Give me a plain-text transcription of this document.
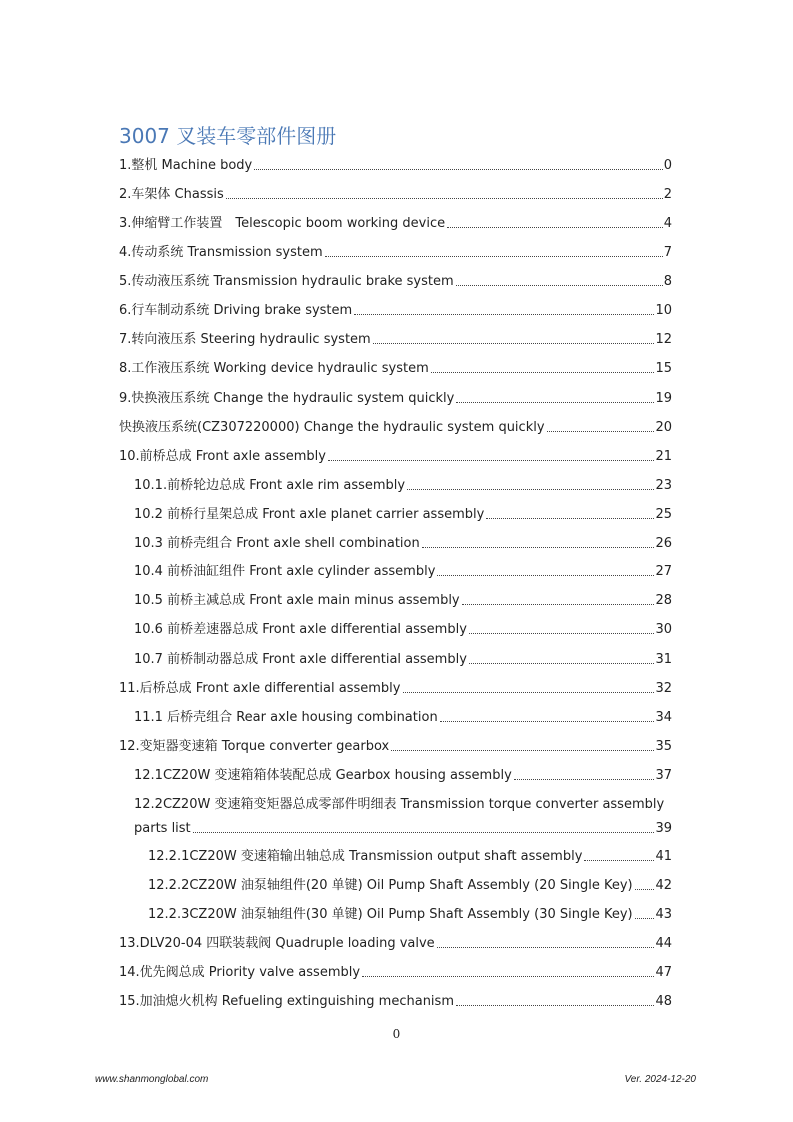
3007 叉装车零部件图册
1.整机 Machine body	0
2.车架体 Chassis	2
3.伸缩臂工作装置　Telescopic boom working device	4
4.传动系统 Transmission system	7
5.传动液压系统 Transmission hydraulic brake system	8
6.行车制动系统 Driving brake system	10
7.转向液压系 Steering hydraulic system	12
8.工作液压系统 Working device hydraulic system	15
9.快换液压系统 Change the hydraulic system quickly	19
快换液压系统(CZ307220000) Change the hydraulic system quickly	20
10.前桥总成 Front axle assembly	21
10.1.前桥轮边总成 Front axle rim assembly	23
10.2 前桥行星架总成 Front axle planet carrier assembly	25
10.3 前桥壳组合 Front axle shell combination	26
10.4 前桥油缸组件 Front axle cylinder assembly	27
10.5 前桥主减总成 Front axle main minus assembly	28
10.6 前桥差速器总成 Front axle differential assembly	30
10.7 前桥制动器总成 Front axle differential assembly	31
11.后桥总成 Front axle differential assembly	32
11.1 后桥壳组合 Rear axle housing combination	34
12.变矩器变速箱 Torque converter gearbox	35
12.1CZ20W 变速箱箱体装配总成 Gearbox housing assembly	37
12.2CZ20W 变速箱变矩器总成零部件明细表 Transmission torque converter assembly
parts list	39
12.2.1CZ20W 变速箱输出轴总成 Transmission output shaft assembly	41
12.2.2CZ20W 油泵轴组件(20 单键) Oil Pump Shaft Assembly (20 Single Key) 42
12.2.3CZ20W 油泵轴组件(30 单键) Oil Pump Shaft Assembly (30 Single Key) 43
13.DLV20-04 四联装载阀 Quadruple loading valve	44
14.优先阀总成 Priority valve assembly	47
15.加油熄火机构 Refueling extinguishing mechanism	48
0
www.shanmonglobal.com	Ver. 2024-12-20
